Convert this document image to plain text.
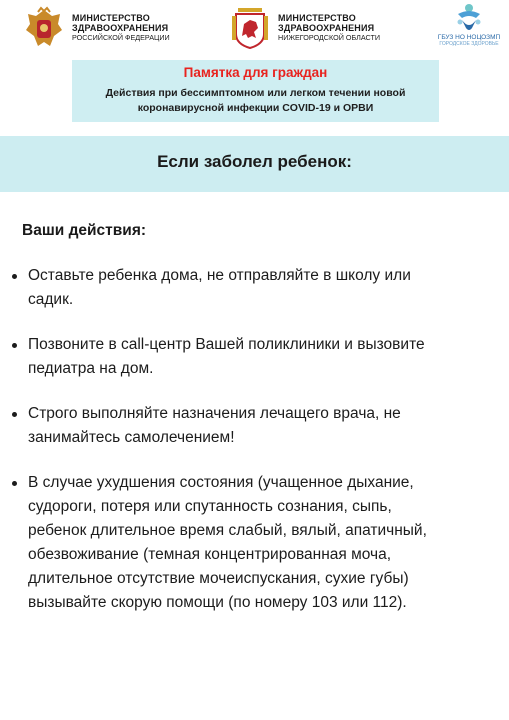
МИНИСТЕРСТВО
ЗДРАВООХРАНЕНИЯ
РОССИЙСКОЙ ФЕДЕРАЦИИ
МИНИСТЕРСТВО
ЗДРАВООХРАНЕНИЯ
НИЖЕГОРОДСКОЙ ОБЛАСТИ	ГБУЗ НО НОЦОЗМП
ГОРОДСКОЕ ЗДОРОВЬЕ
Памятка для граждан
Действия при бессимптомном или легком течении новой
коронавирусной инфекции COVID-19 и ОРВИ
Если заболел ребенок:
Ваши действия:
Оставьте ребенка дома, не отправляйте в школу или
садик.
Позвоните в call-центр Вашей поликлиники и вызовите
педиатра на дом.
Строго выполняйте назначения лечащего врача, не
занимайтесь самолечением!
В случае ухудшения состояния (учащенное дыхание,
судороги, потеря или спутанность сознания, сыпь,
ребенок длительное время слабый, вялый, апатичный,
обезвоживание (темная концентрированная моча,
длительное отсутствие мочеиспускания, сухие губы)
вызывайте скорую помощи (по номеру 103 или 112).
